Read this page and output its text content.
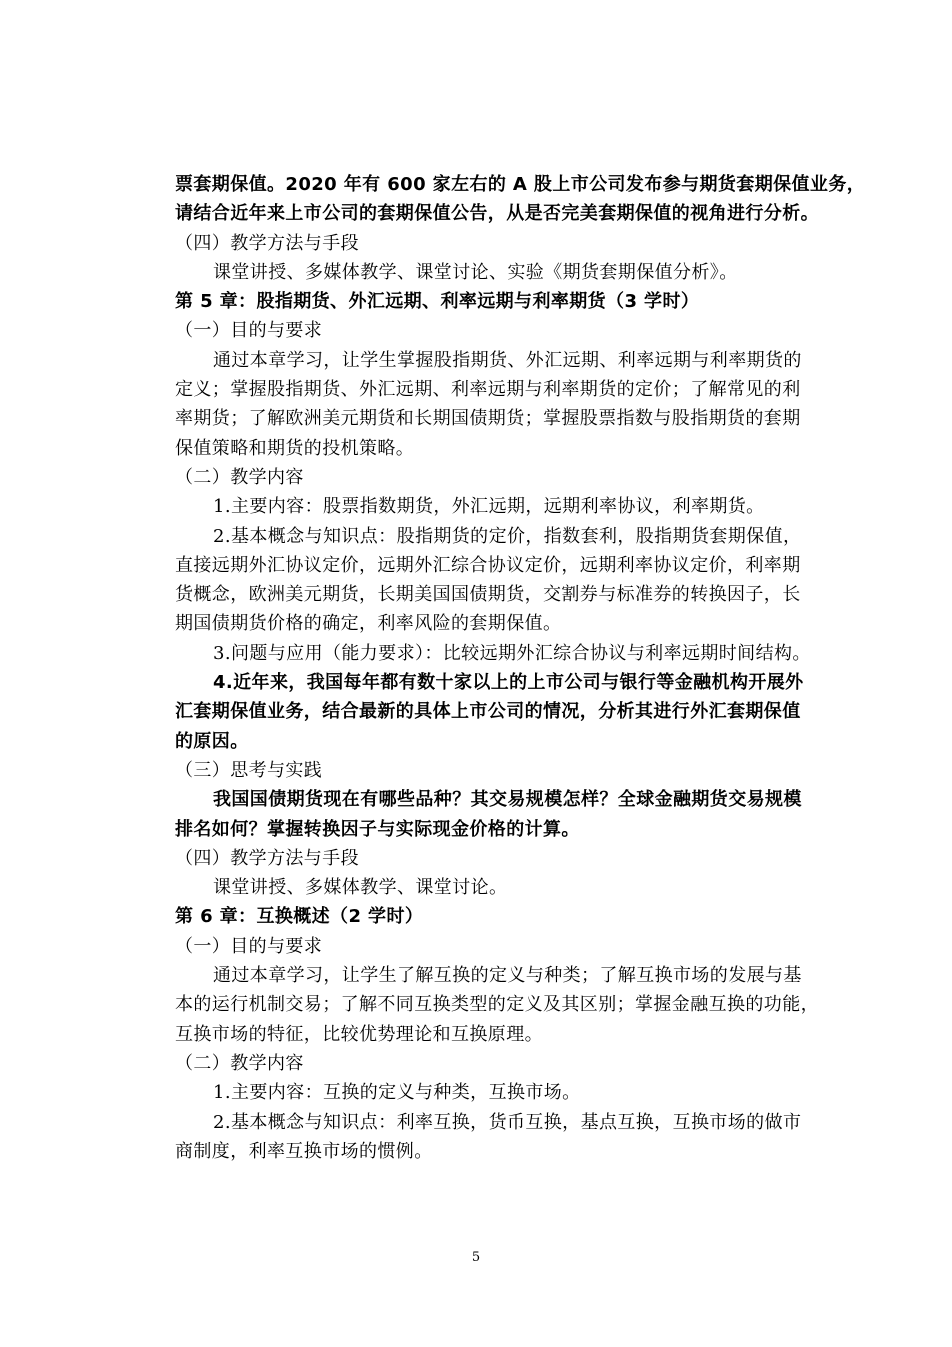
票套期保值。2020 年有 600 家左右的 A 股上市公司发布参与期货套期保值业务，
请结合近年来上市公司的套期保值公告，从是否完美套期保值的视角进行分析。
（四）教学方法与手段
课堂讲授、多媒体教学、课堂讨论、实验《期货套期保值分析》。
第 5 章：股指期货、外汇远期、利率远期与利率期货（3 学时）
（一）目的与要求
通过本章学习，让学生掌握股指期货、外汇远期、利率远期与利率期货的
定义；掌握股指期货、外汇远期、利率远期与利率期货的定价；了解常见的利
率期货；了解欧洲美元期货和长期国债期货；掌握股票指数与股指期货的套期
保值策略和期货的投机策略。
（二）教学内容
1.主要内容：股票指数期货，外汇远期，远期利率协议，利率期货。
2.基本概念与知识点：股指期货的定价，指数套利，股指期货套期保值，
直接远期外汇协议定价，远期外汇综合协议定价，远期利率协议定价，利率期
货概念，欧洲美元期货，长期美国国债期货，交割券与标准券的转换因子，长
期国债期货价格的确定，利率风险的套期保值。
3.问题与应用（能力要求）：比较远期外汇综合协议与利率远期时间结构。
4.近年来，我国每年都有数十家以上的上市公司与银行等金融机构开展外
汇套期保值业务，结合最新的具体上市公司的情况，分析其进行外汇套期保值
的原因。
（三）思考与实践
我国国债期货现在有哪些品种？其交易规模怎样？全球金融期货交易规模
排名如何？掌握转换因子与实际现金价格的计算。
（四）教学方法与手段
课堂讲授、多媒体教学、课堂讨论。
第 6 章：互换概述（2 学时）
（一）目的与要求
通过本章学习，让学生了解互换的定义与种类；了解互换市场的发展与基
本的运行机制交易；了解不同互换类型的定义及其区别；掌握金融互换的功能，
互换市场的特征，比较优势理论和互换原理。
（二）教学内容
1.主要内容：互换的定义与种类，互换市场。
2.基本概念与知识点：利率互换，货币互换，基点互换，互换市场的做市
商制度，利率互换市场的惯例。
5
